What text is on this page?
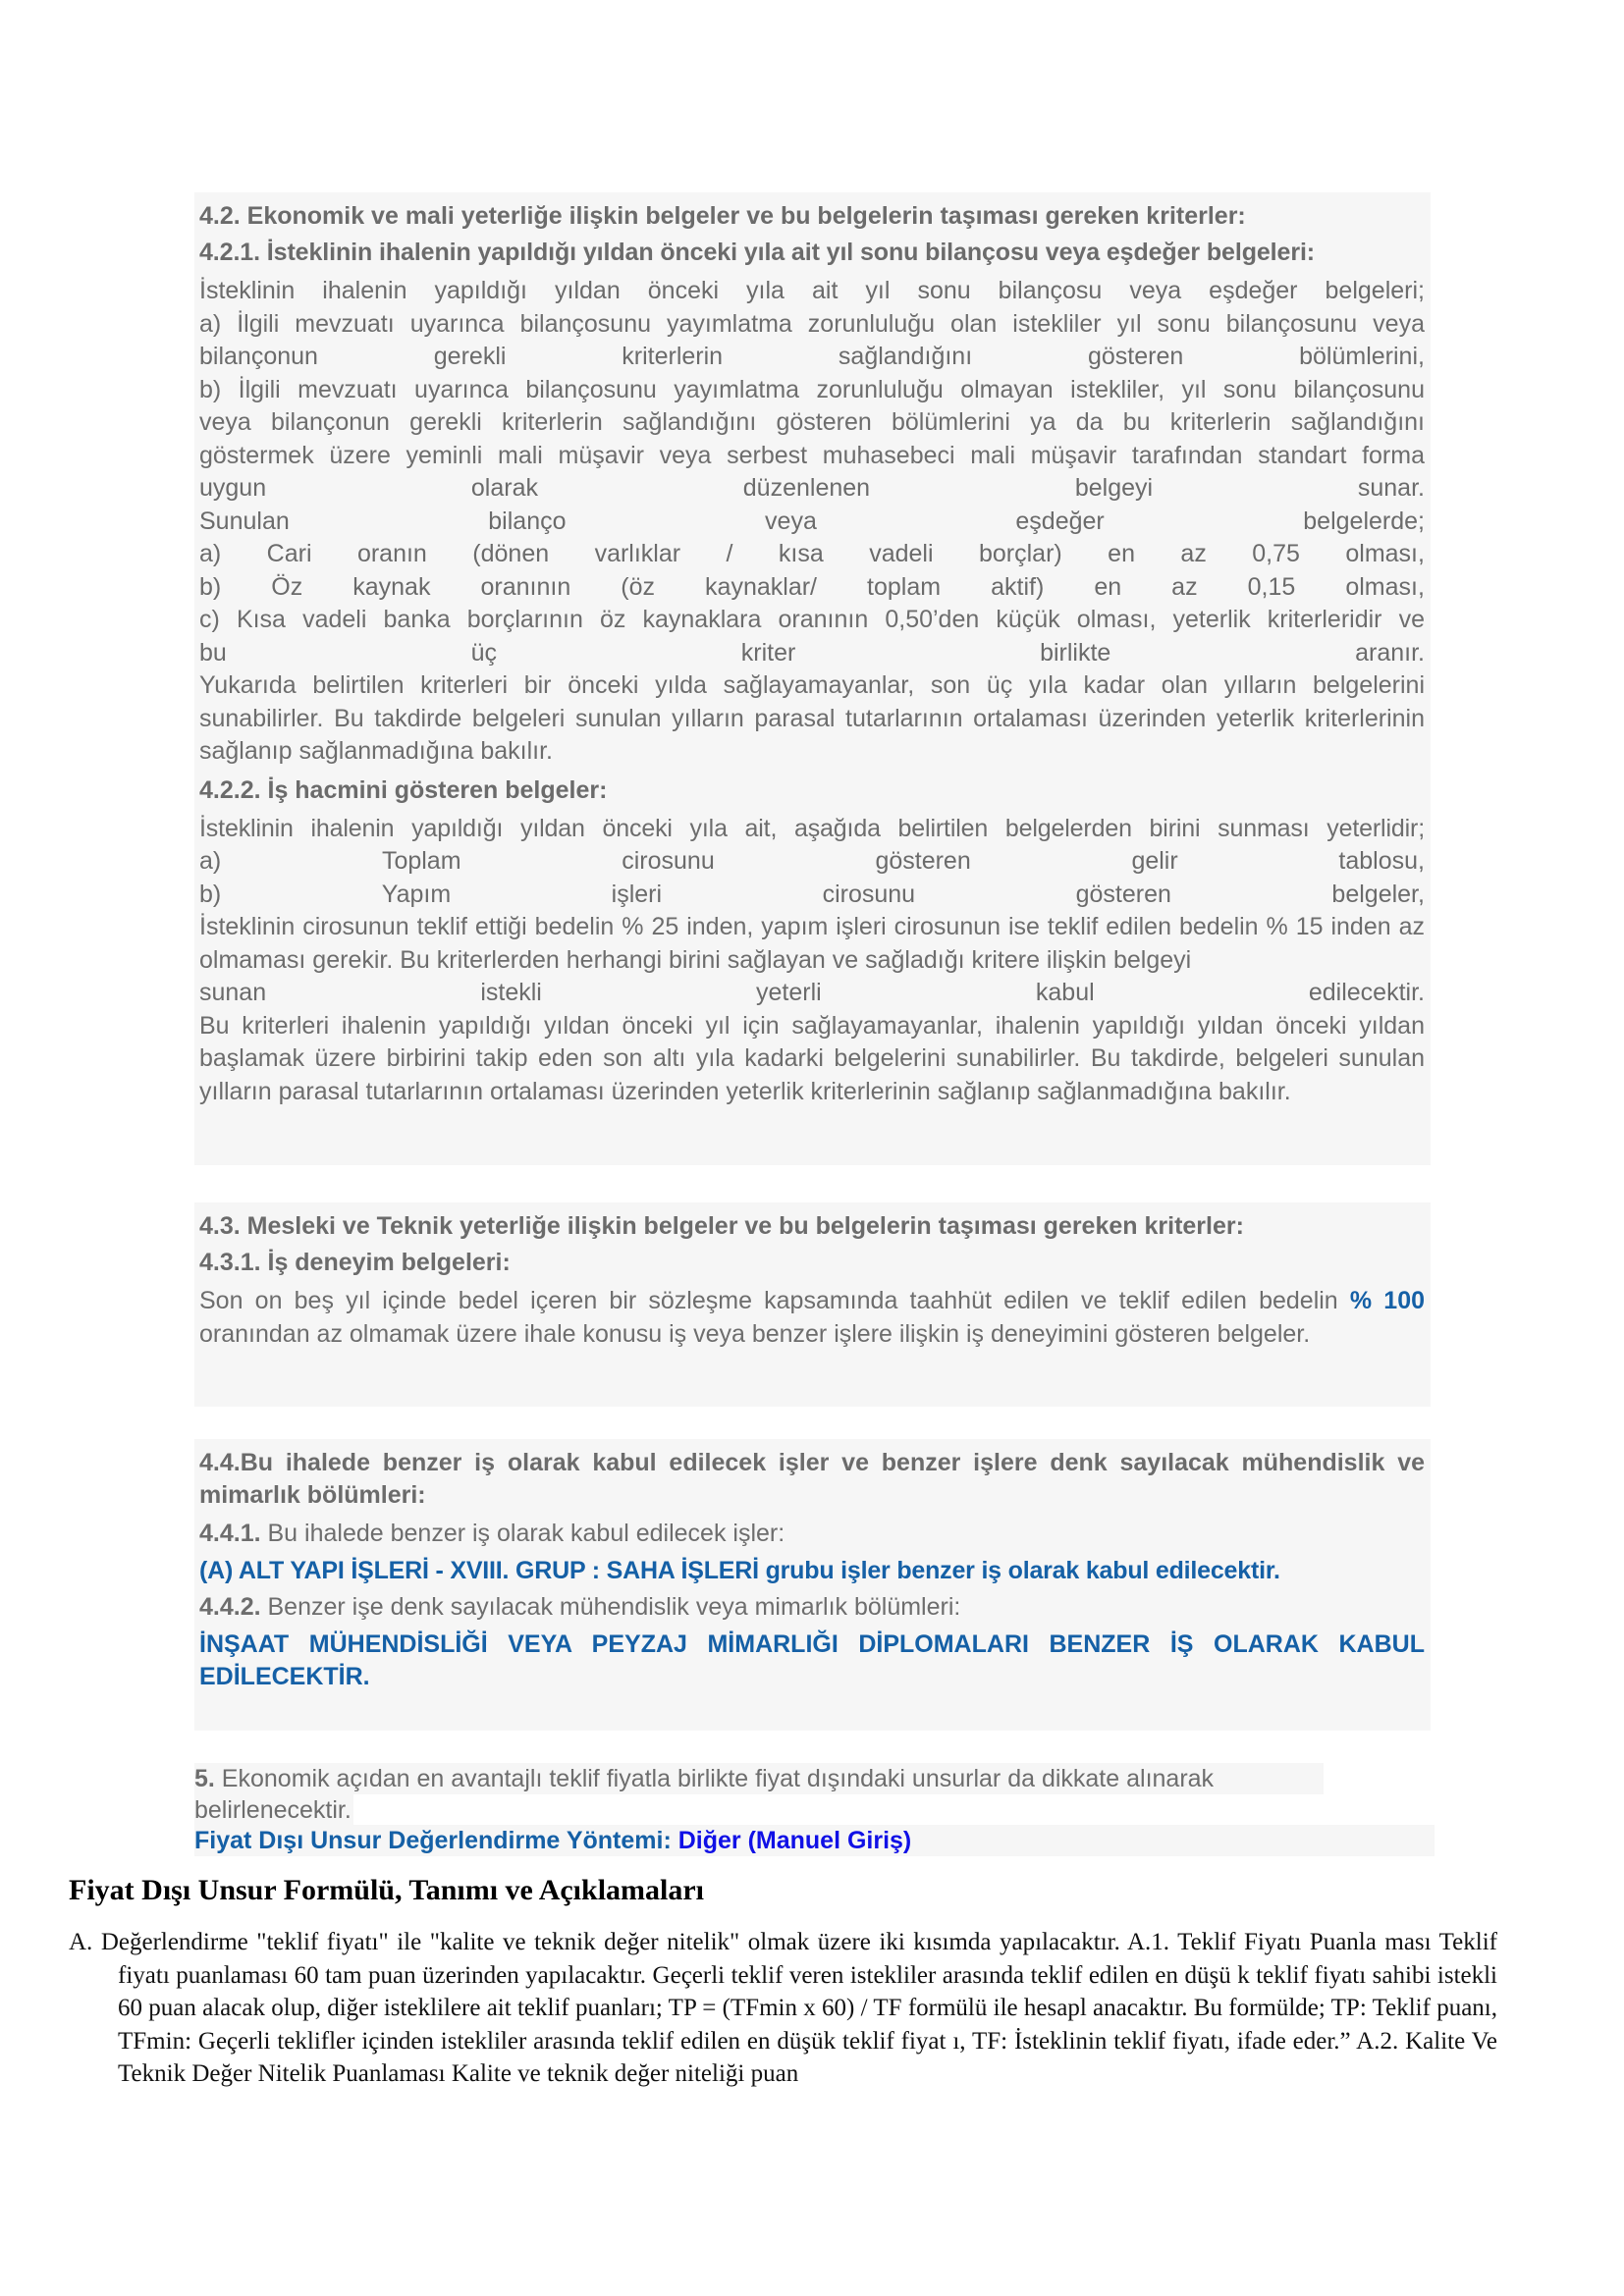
4.2. Ekonomik ve mali yeterliğe ilişkin belgeler ve bu belgelerin taşıması gereken kriterler:
4.2.1. İsteklinin ihalenin yapıldığı yıldan önceki yıla ait yıl sonu bilançosu veya eşdeğer belgeleri:
İsteklinin ihalenin yapıldığı yıldan önceki yıla ait yıl sonu bilançosu veya eşdeğer belgeleri;
a) İlgili mevzuatı uyarınca bilançosunu yayımlatma zorunluluğu olan istekliler yıl sonu bilançosunu veya
bilançonun	gerekli	kriterlerin	sağlandığını	gösteren	bölümlerini,
b) İlgili mevzuatı uyarınca bilançosunu yayımlatma zorunluluğu olmayan istekliler, yıl sonu bilançosunu
veya bilançonun gerekli kriterlerin sağlandığını gösteren bölümlerini ya da bu kriterlerin sağlandığını
göstermek üzere yeminli mali müşavir veya serbest muhasebeci mali müşavir tarafından standart forma
uygun	olarak	düzenlenen	belgeyi	sunar.
Sunulan	bilanço	veya	eşdeğer	belgelerde;
a) Cari oranın (dönen varlıklar / kısa vadeli borçlar) en az 0,75 olması,
b) Öz kaynak oranının (öz kaynaklar/ toplam aktif) en az 0,15 olması,
c) Kısa vadeli banka borçlarının öz kaynaklara oranının 0,50’den küçük olması, yeterlik kriterleridir ve
bu	üç	kriter	birlikte	aranır.
Yukarıda belirtilen kriterleri bir önceki yılda sağlayamayanlar, son üç yıla kadar olan yılların belgelerini sunabilirler. Bu takdirde belgeleri sunulan yılların parasal tutarlarının ortalaması üzerinden yeterlik kriterlerinin sağlanıp sağlanmadığına bakılır.
4.2.2. İş hacmini gösteren belgeler:
İsteklinin ihalenin yapıldığı yıldan önceki yıla ait, aşağıda belirtilen belgelerden birini sunması yeterlidir;
a)	Toplam	cirosunu	gösteren	gelir	tablosu,
b)	Yapım	işleri	cirosunu	gösteren	belgeler,
İsteklinin cirosunun teklif ettiği bedelin % 25 inden, yapım işleri cirosunun ise teklif edilen bedelin % 15 inden az olmaması gerekir. Bu kriterlerden herhangi birini sağlayan ve sağladığı kritere ilişkin belgeyi
sunan	istekli	yeterli	kabul	edilecektir.
Bu kriterleri ihalenin yapıldığı yıldan önceki yıl için sağlayamayanlar, ihalenin yapıldığı yıldan önceki yıldan başlamak üzere birbirini takip eden son altı yıla kadarki belgelerini sunabilirler. Bu takdirde, belgeleri sunulan yılların parasal tutarlarının ortalaması üzerinden yeterlik kriterlerinin sağlanıp sağlanmadığına bakılır.
4.3. Mesleki ve Teknik yeterliğe ilişkin belgeler ve bu belgelerin taşıması gereken kriterler:
4.3.1. İş deneyim belgeleri:
Son on beş yıl içinde bedel içeren bir sözleşme kapsamında taahhüt edilen ve teklif edilen bedelin % 100 oranından az olmamak üzere ihale konusu iş veya benzer işlere ilişkin iş deneyimini gösteren belgeler.
4.4.Bu ihalede benzer iş olarak kabul edilecek işler ve benzer işlere denk sayılacak mühendislik ve mimarlık bölümleri:
4.4.1. Bu ihalede benzer iş olarak kabul edilecek işler:
(A) ALT YAPI İŞLERİ - XVIII. GRUP : SAHA İŞLERİ grubu işler benzer iş olarak kabul edilecektir.
4.4.2. Benzer işe denk sayılacak mühendislik veya mimarlık bölümleri:
İNŞAAT MÜHENDİSLİĞİ VEYA PEYZAJ MİMARLIĞI DİPLOMALARI BENZER İŞ OLARAK KABUL EDİLECEKTİR.
5. Ekonomik açıdan en avantajlı teklif fiyatla birlikte fiyat dışındaki unsurlar da dikkate alınarak
belirlenecektir.
Fiyat Dışı Unsur Değerlendirme Yöntemi: Diğer (Manuel Giriş)
Fiyat Dışı Unsur Formülü, Tanımı ve Açıklamaları
A. Değerlendirme "teklif fiyatı" ile "kalite ve teknik değer nitelik" olmak üzere iki kısımda yapılacaktır. A.1. Teklif Fiyatı Puanla ması Teklif fiyatı puanlaması 60 tam puan üzerinden yapılacaktır. Geçerli teklif veren istekliler arasında teklif edilen en düşü k teklif fiyatı sahibi istekli 60 puan alacak olup, diğer isteklilere ait teklif puanları; TP = (TFmin x 60) / TF formülü ile hesapl anacaktır. Bu formülde; TP: Teklif puanı, TFmin: Geçerli teklifler içinden istekliler arasında teklif edilen en düşük teklif fiyat ı, TF: İsteklinin teklif fiyatı, ifade eder.” A.2. Kalite Ve Teknik Değer Nitelik Puanlaması Kalite ve teknik değer niteliği puan
